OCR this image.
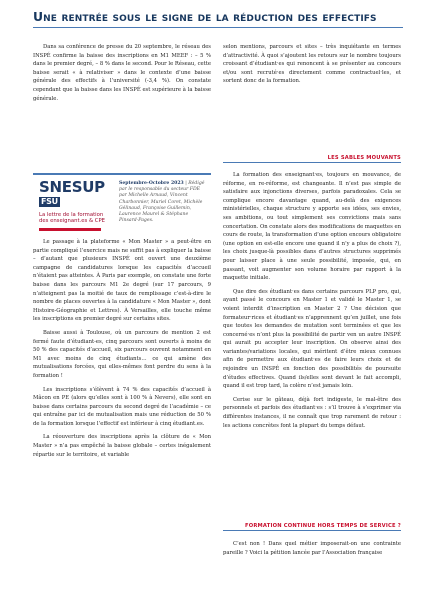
Une rentrée sous le signe de la réduction des effectifs

Dans sa conférence de presse du 20 septembre, le réseau des INSPÉ confirme la baisse des inscriptions en M1 MEEF : – 5 % dans le premier degré, – 8 % dans le second. Pour le Réseau, cette baisse serait « à relativiser » dans le contexte d’une baisse générale des effectifs à l’université (-3,4 %). On constate cependant que la baisse dans les INSPÉ est supérieure à la baisse générale.

SNESUPFSU
La lettre de la formation des enseignant.es & CPE
Septembre-Octobre 2023 | Rédigé par le responsable du secteur FDE par Michelle Arnaud, Vincent Charbonnier, Muriel Coret, Michèle Gélinaud, Françoise Guillemin, Laurence Maurel & Stéphane Pinsard-Pages.

Le passage à la plateforme « Mon Master » a peut-être en partie compliqué l’exercice mais ne suffit pas à expliquer la baisse – d’autant que plusieurs INSPÉ ont ouvert une deuxième campagne de candidatures lorsque les capacités d’accueil n’étaient pas atteintes. À Paris par exemple, on constate une forte baisse dans les parcours M1 2e degré (sur 17 parcours, 9 n’atteignent pas la moitié de taux de remplissage c’est-à-dire le nombre de places ouvertes à la candidature « Mon Master », dont Histoire-Géographie et Lettres). À Versailles, elle touche même les inscriptions en premier degré sur certains sites.

Baisse aussi à Toulouse, où un parcours de mention 2 est fermé faute d’étudiant-es, cinq parcours sont ouverts à moins de 50 % des capacités d’accueil, six parcours ouvrent notamment en M1 avec moins de cinq étudiants… ce qui amène des mutualisations forcées, qui elles-mêmes font perdre du sens à la formation !

Les inscriptions s’élèvent à 74 % des capacités d’accueil à Mâcon en PE (alors qu’elles sont à 100 % à Nevers), elle sont en baisse dans certains parcours du second degré de l’académie – ce qui entraîne par ici de mutualisation mais une réduction de 50 % de la formation lorsque l’effectif est inférieur à cinq étudiant.es.

La réouverture des inscriptions après la clôture de « Mon Master » n’a pas empêché la baisse globale – certes inégalement répartie sur le territoire, et variable

selon mentions, parcours et sites – très inquiétante en termes d’attractivité. À quoi s’ajoutent les retours sur le nombre toujours croissant d’étudiant·es qui renoncent à se présenter au concours et/ou sont recruté·es directement comme contractuel·les, et sortent donc de la formation.

LES SABLES MOUVANTS

La formation des enseignant·es, toujours en mouvance, de réforme, en re-réforme, est changeante. Il n’est pas simple de satisfaire aux injonctions diverses, parfois paradoxales. Cela se complique encore davantage quand, au-delà des exigences ministérielles, chaque structure y apporte ses idées, ses envies, ses ambitions, ou tout simplement ses convictions mais sans concertation. On constate alors des modifications de maquettes en cours de route, la transformation d’une option encours obligatoire (une option en est-elle encore une quand il n’y a plus de choix ?), les choix jusque-là possibles dans d’autres structures supprimés pour laisser place à une seule possibilité, imposée, qui, en passant, voit augmenter son volume horaire par rapport à la maquette initiale.

Que dire des étudiant·es dans certains parcours PLP pro, qui, ayant passé le concours en Master 1 et validé le Master 1, se voient interdit d’inscription en Master 2 ? Une décision que formateur·rices et étudiant·es n’apprennent qu’en juillet, une fois que toutes les demandes de mutation sont terminées et que les concerné·es n’ont plus la possibilité de partir ven un autre INSPÉ qui aurait pu accepter leur inscription. On observe ainsi des variantes/variations locales, qui méritent d’être mieux connues afin de permettre aux étudiant·es de faire leurs choix et de rejoindre un INSPÉ en fonction des possibilités de poursuite d’études effectives. Quand ils/elles sont devant le fait accompli, quand il est trop tard, la colère n’est jamais loin.

Cerise sur le gâteau, déjà fort indigeste, le mal-être des personnels et parfois des étudiant·es : s’il trouve à s’exprimer via différentes instances, il ne connaît que trop rarement de retour : les actions concrètes font la plupart du temps défaut.

FORMATION CONTINUE HORS TEMPS DE SERVICE ?

C’est non ! Dans quel métier imposerait-on une contrainte pareille ? Voici la pétition lancée par l’Association française
